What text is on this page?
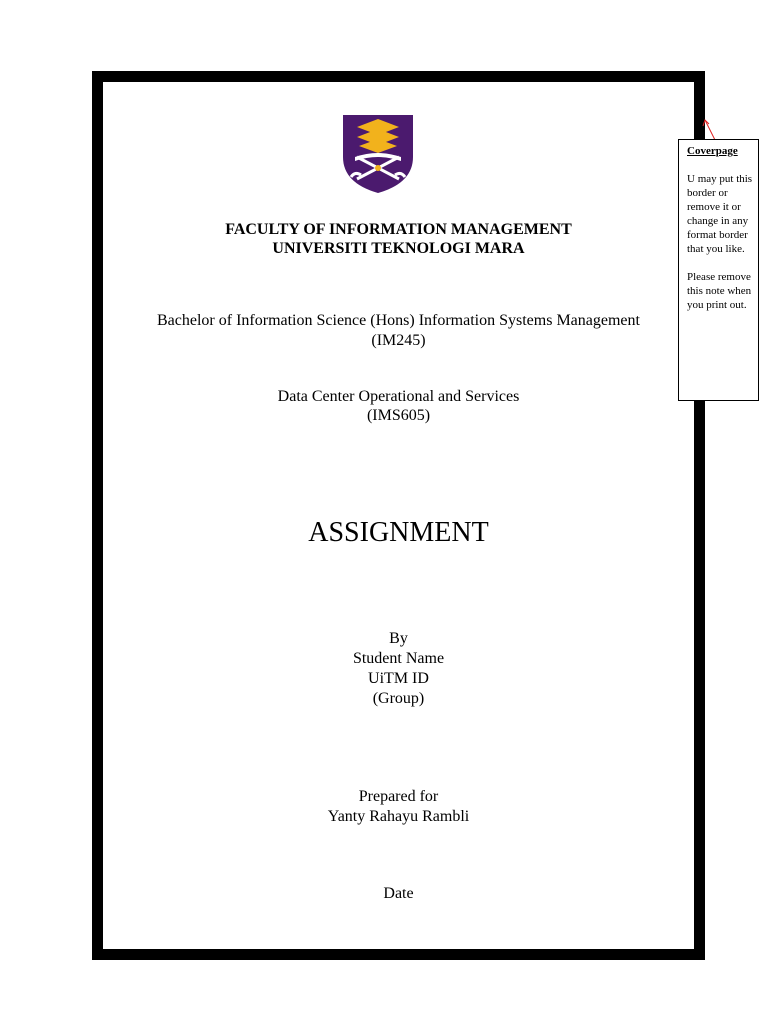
FACULTY OF INFORMATION MANAGEMENT
UNIVERSITI TEKNOLOGI MARA
Bachelor of Information Science (Hons) Information Systems Management
(IM245)
Data Center Operational and Services
(IMS605)
ASSIGNMENT
By
Student Name
UiTM ID
(Group)
Prepared for
Yanty Rahayu Rambli
Date
Coverpage
U may put this border or remove it or change in any format border that you like.
Please remove this note when you print out.
